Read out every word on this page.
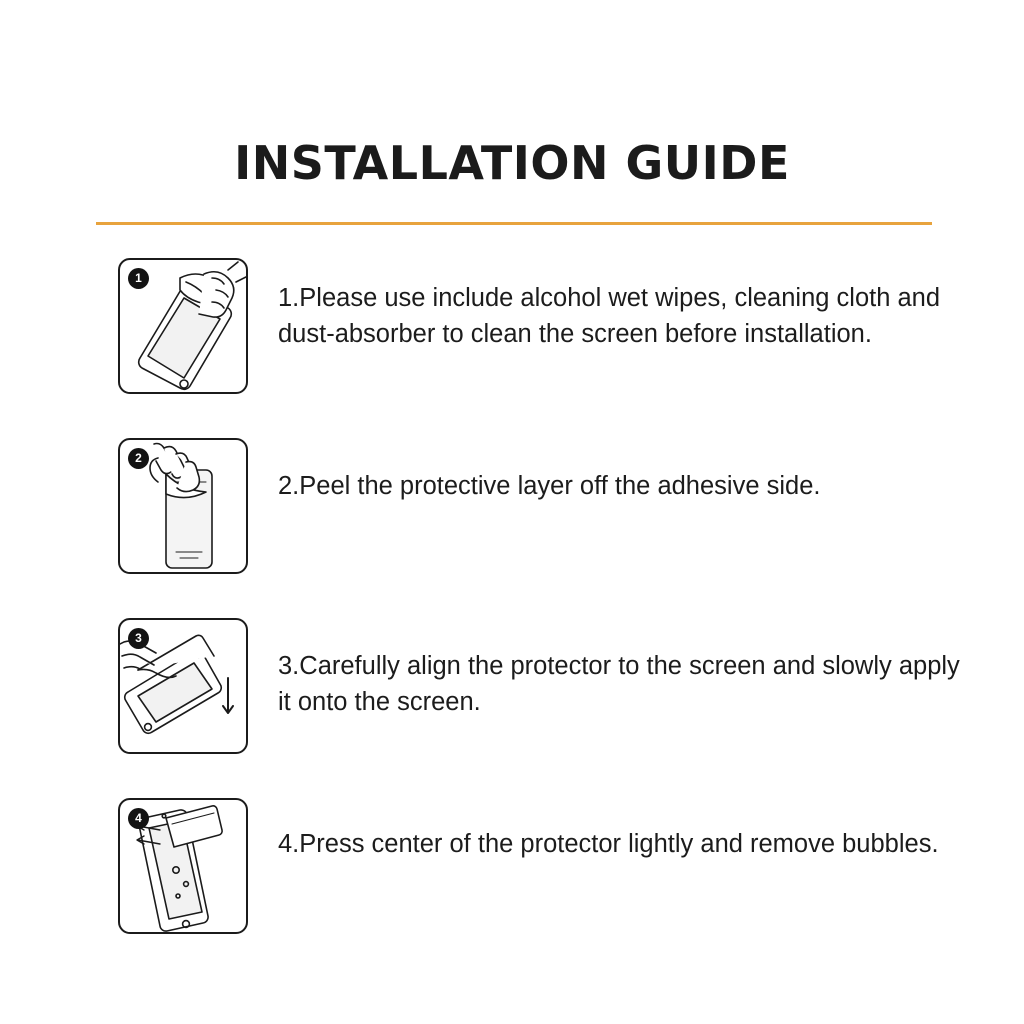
INSTALLATION GUIDE
1
1.Please use include alcohol wet wipes, cleaning cloth and dust-absorber to clean the screen before installation.
2
2.Peel the protective layer off the adhesive side.
3
3.Carefully align the protector to the screen and slowly apply it onto the screen.
4
4.Press center of the protector lightly and remove bubbles.
